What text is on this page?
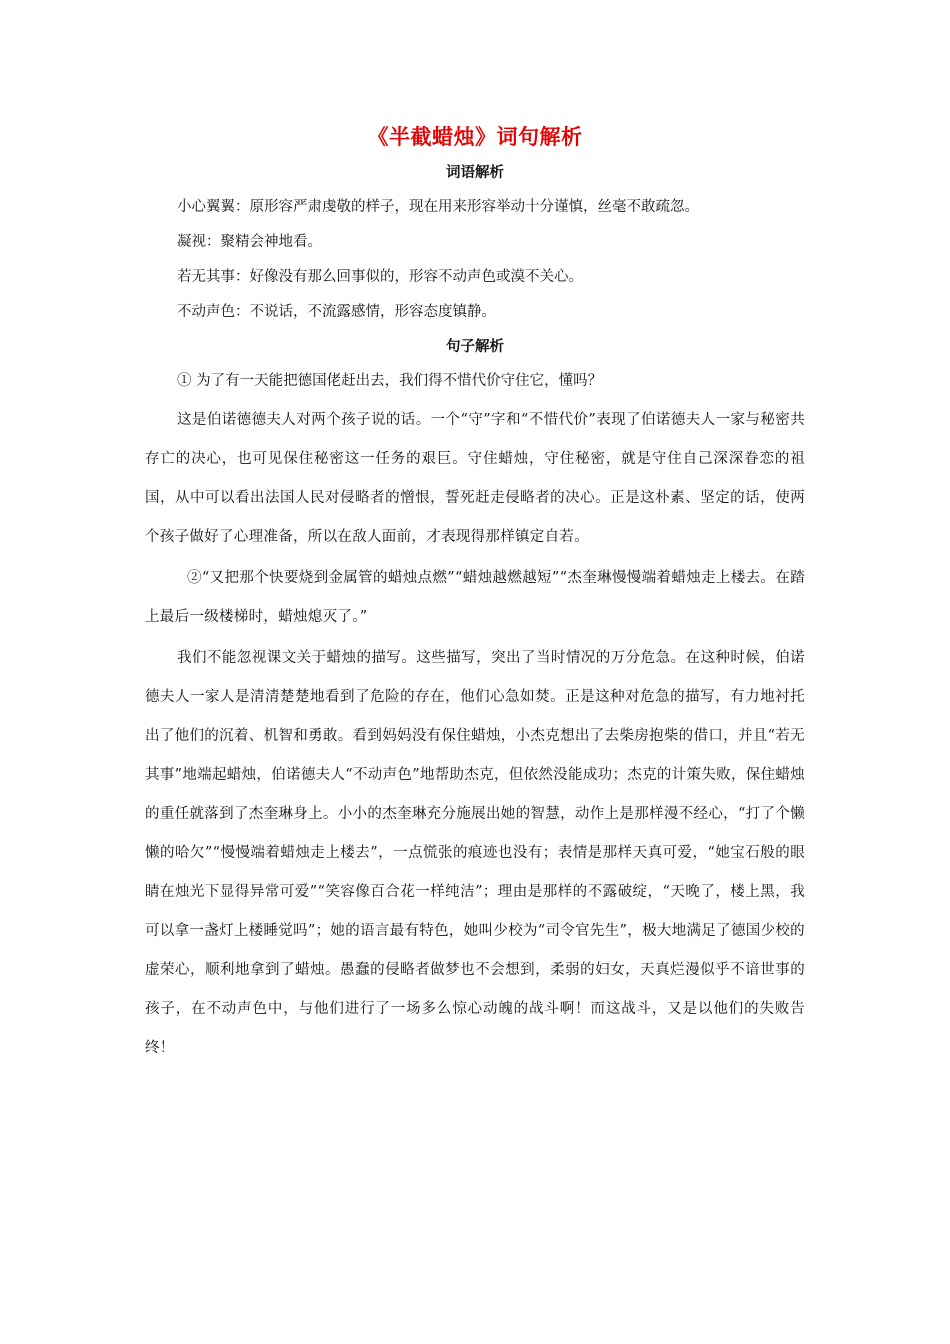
《半截蜡烛》词句解析
词语解析

小心翼翼：原形容严肃虔敬的样子，现在用来形容举动十分谨慎，丝毫不敢疏忽。

凝视：聚精会神地看。

若无其事：好像没有那么回事似的，形容不动声色或漠不关心。

不动声色：不说话，不流露感情，形容态度镇静。

句子解析

① 为了有一天能把德国佬赶出去，我们得不惜代价守住它，懂吗？

这是伯诺德德夫人对两个孩子说的话。一个“守”字和“不惜代价”表现了伯诺德夫人一家与秘密共存亡的决心，也可见保住秘密这一任务的艰巨。守住蜡烛，守住秘密，就是守住自己深深眷恋的祖国，从中可以看出法国人民对侵略者的憎恨，誓死赶走侵略者的决心。正是这朴素、坚定的话，使两个孩子做好了心理准备，所以在敌人面前，才表现得那样镇定自若。

②“又把那个快要烧到金属管的蜡烛点燃”“蜡烛越燃越短”“杰奎琳慢慢端着蜡烛走上楼去。在踏上最后一级楼梯时，蜡烛熄灭了。”

我们不能忽视课文关于蜡烛的描写。这些描写，突出了当时情况的万分危急。在这种时候，伯诺德夫人一家人是清清楚楚地看到了危险的存在，他们心急如焚。正是这种对危急的描写，有力地衬托出了他们的沉着、机智和勇敢。看到妈妈没有保住蜡烛，小杰克想出了去柴房抱柴的借口，并且“若无其事”地端起蜡烛，伯诺德夫人“不动声色”地帮助杰克，但依然没能成功；杰克的计策失败，保住蜡烛的重任就落到了杰奎琳身上。小小的杰奎琳充分施展出她的智慧，动作上是那样漫不经心，“打了个懒懒的哈欠”“慢慢端着蜡烛走上楼去”，一点慌张的痕迹也没有；表情是那样天真可爱，“她宝石般的眼睛在烛光下显得异常可爱”“笑容像百合花一样纯洁”；理由是那样的不露破绽，“天晚了，楼上黑，我可以拿一盏灯上楼睡觉吗”；她的语言最有特色，她叫少校为“司令官先生”，极大地满足了德国少校的虚荣心，顺利地拿到了蜡烛。愚蠢的侵略者做梦也不会想到，柔弱的妇女，天真烂漫似乎不谙世事的孩子，在不动声色中，与他们进行了一场多么惊心动魄的战斗啊！而这战斗，又是以他们的失败告终！
